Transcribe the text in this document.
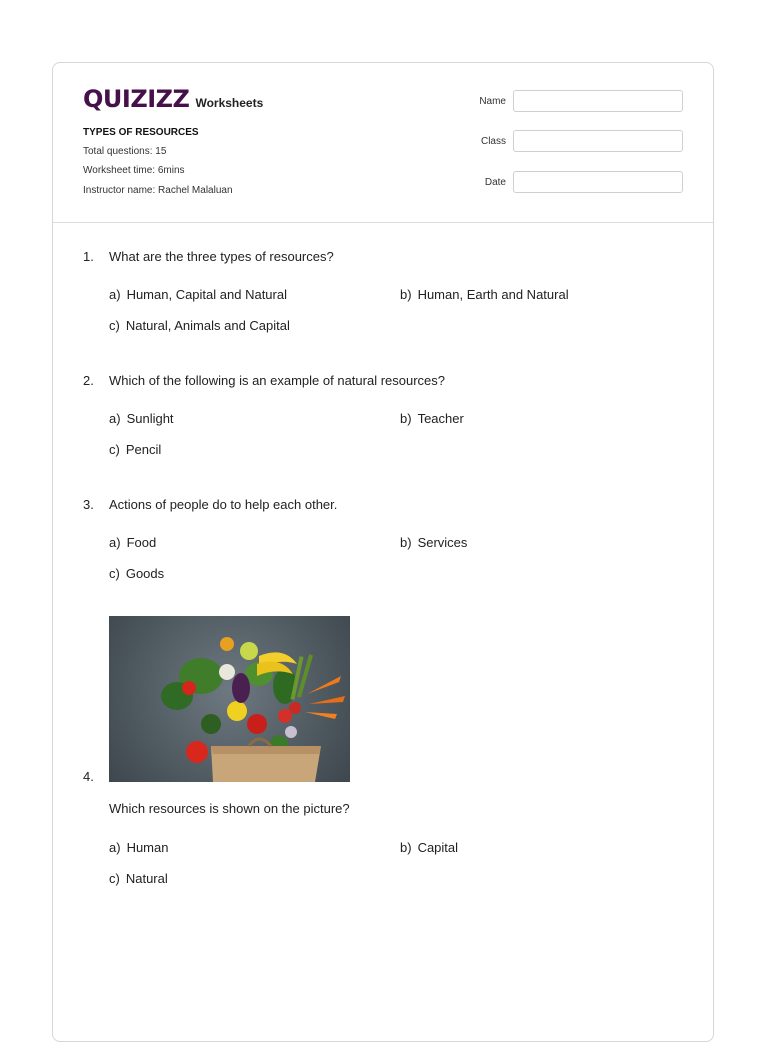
QUIZIZZ Worksheets
TYPES OF RESOURCES
Total questions: 15
Worksheet time: 6mins
Instructor name: Rachel Malaluan
Name
Class
Date
1. What are the three types of resources?
a) Human, Capital and Natural	b) Human, Earth and Natural
c) Natural, Animals and Capital
2. Which of the following is an example of natural resources?
a) Sunlight	b) Teacher
c) Pencil
3. Actions of people do to help each other.
a) Food	b) Services
c) Goods
4.
Which resources is shown on the picture?
a) Human	b) Capital
c) Natural
